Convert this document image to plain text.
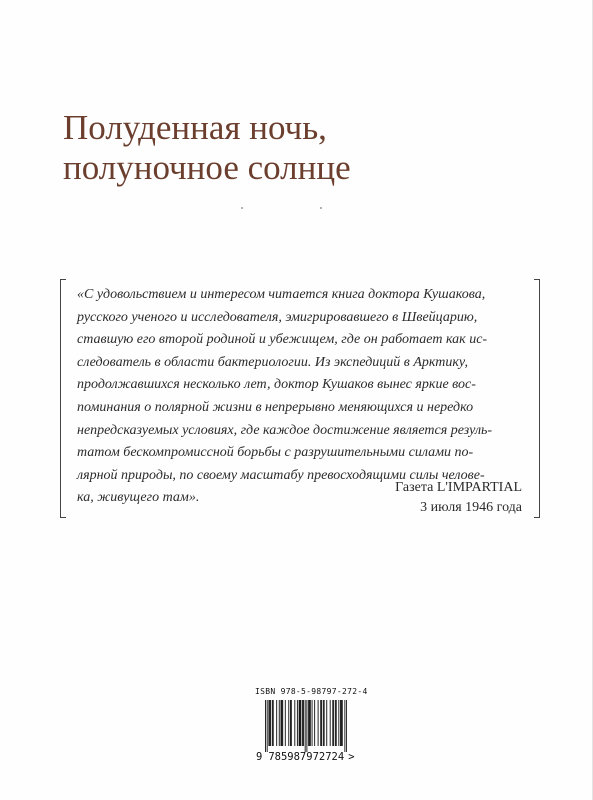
Полуденная ночь,
полуночное солнце
«С удовольствием и интересом читается книга доктора Кушакова,
русского ученого и исследователя, эмигрировавшего в Швейцарию,
ставшую его второй родиной и убежищем, где он работает как ис-
следователь в области бактериологии. Из экспедиций в Арктику,
продолжавшихся несколько лет, доктор Кушаков вынес яркие вос-
поминания о полярной жизни в непрерывно меняющихся и нередко
непредсказуемых условиях, где каждое достижение является резуль-
татом бескомпромиссной борьбы с разрушительными силами по-
лярной природы, по своему масштабу превосходящими силы челове-
ка, живущего там».
Газета L'IMPARTIAL
3 июля 1946 года
ISBN 978-5-98797-272-4
9 785987972724 >
